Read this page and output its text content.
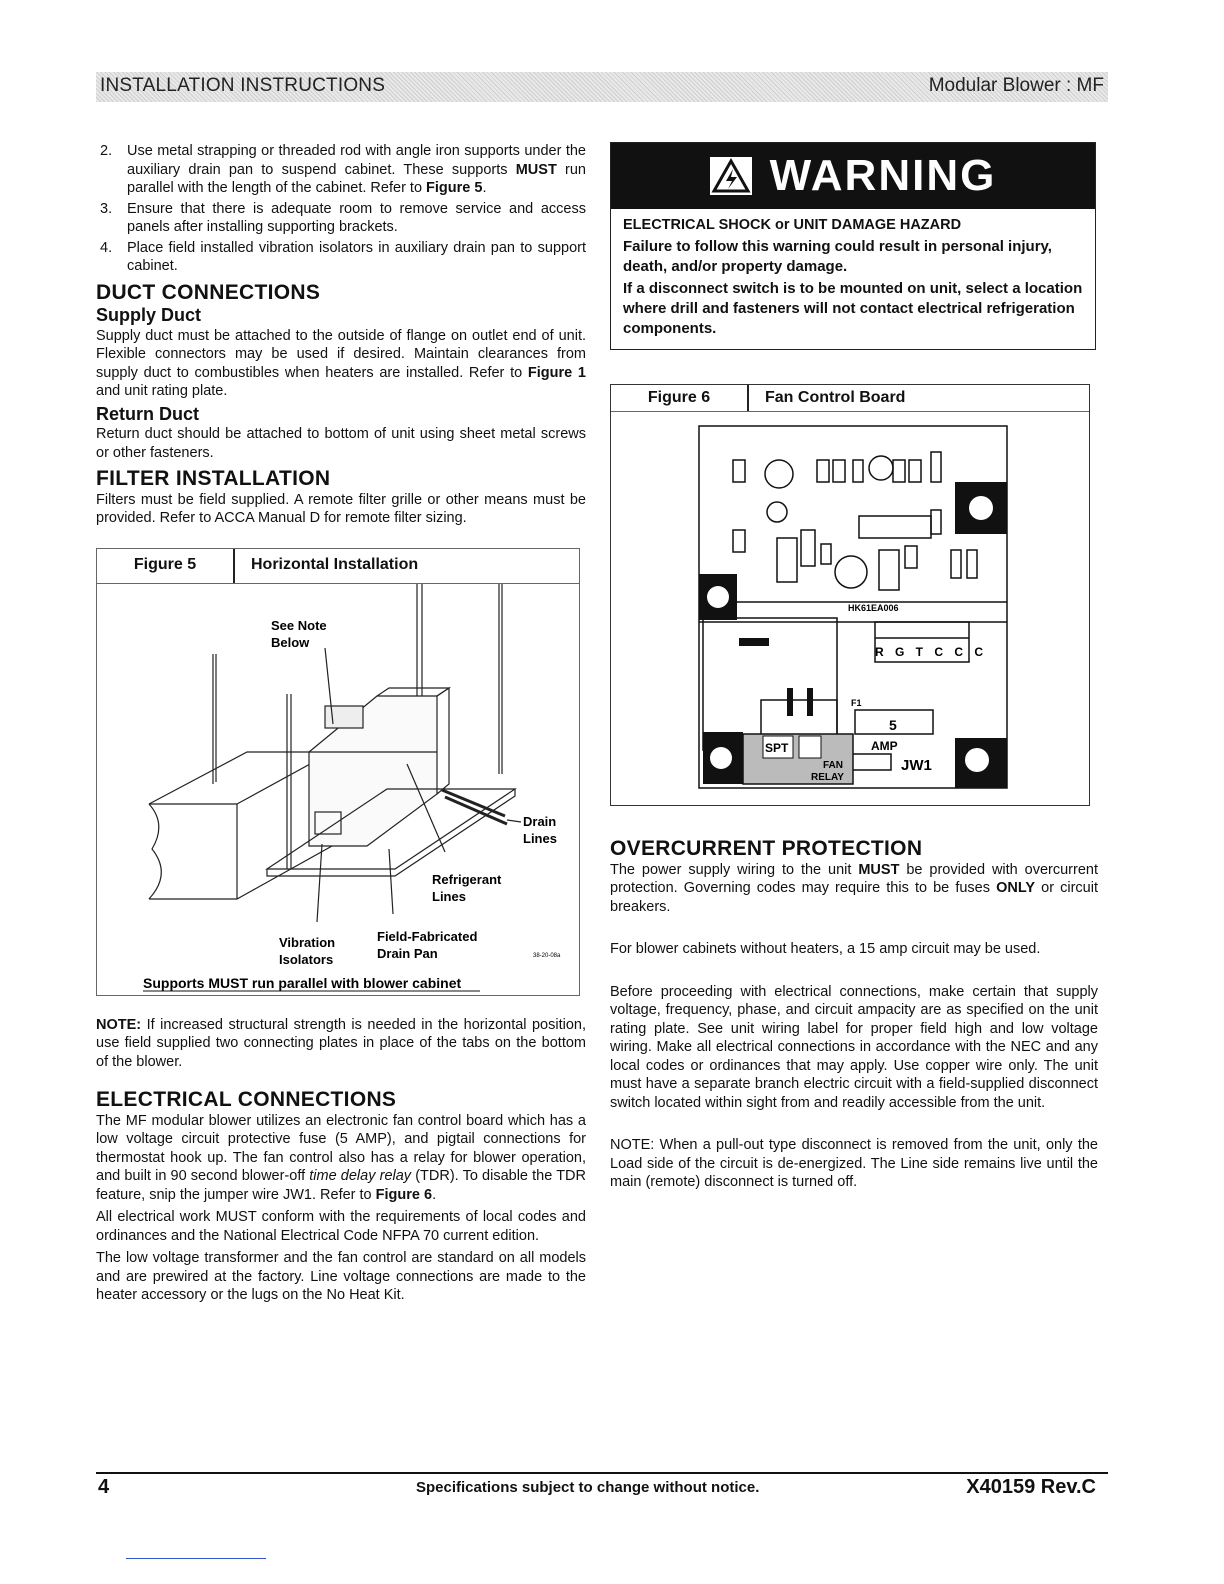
INSTALLATION INSTRUCTIONS	Modular Blower : MF
2. Use metal strapping or threaded rod with angle iron supports under the auxiliary drain pan to suspend cabinet. These supports MUST run parallel with the length of the cabinet. Refer to Figure 5.
3. Ensure that there is adequate room to remove service and access panels after installing supporting brackets.
4. Place field installed vibration isolators in auxiliary drain pan to support cabinet.
DUCT CONNECTIONS
Supply Duct

Supply duct must be attached to the outside of flange on outlet end of unit. Flexible connectors may be used if desired. Maintain clearances from supply duct to combustibles when heaters are installed. Refer to Figure 1 and unit rating plate.

Return Duct

Return duct should be attached to bottom of unit using sheet metal screws or other fasteners.

FILTER INSTALLATION

Filters must be field supplied. A remote filter grille or other means must be provided. Refer to ACCA Manual D for remote filter sizing.

Figure 5	Horizontal Installation
See Note
Below
Drain
Lines
Refrigerant
Lines
Field-Fabricated
Drain Pan
Vibration
Isolators	38-20-08a
Supports MUST run parallel with blower cabinet

NOTE: If increased structural strength is needed in the horizontal position, use field supplied two connecting plates in place of the tabs on the bottom of the blower.

ELECTRICAL CONNECTIONS

The MF modular blower utilizes an electronic fan control board which has a low voltage circuit protective fuse (5 AMP), and pigtail connections for thermostat hook up. The fan control also has a relay for blower operation, and built in 90 second blower-off time delay relay (TDR). To disable the TDR feature, snip the jumper wire JW1. Refer to Figure 6.

All electrical work MUST conform with the requirements of local codes and ordinances and the National Electrical Code NFPA 70 current edition.

The low voltage transformer and the fan control are standard on all models and are prewired at the factory. Line voltage connections are made to the heater accessory or the lugs on the No Heat Kit.

WARNING

ELECTRICAL SHOCK or UNIT DAMAGE HAZARD

Failure to follow this warning could result in personal injury, death, and/or property damage.

If a disconnect switch is to be mounted on unit, select a location where drill and fasteners will not contact electrical refrigeration components.

Figure 6	Fan Control Board
HK61EA006
R G T C C C
F1
5
AMP
SPT
FAN
RELAY
JW1
OVERCURRENT PROTECTION

The power supply wiring to the unit MUST be provided with overcurrent protection. Governing codes may require this to be fuses ONLY or circuit breakers.

For blower cabinets without heaters, a 15 amp circuit may be used.

Before proceeding with electrical connections, make certain that supply voltage, frequency, phase, and circuit ampacity are as specified on the unit rating plate. See unit wiring label for proper field high and low voltage wiring. Make all electrical connections in accordance with the NEC and any local codes or ordinances that may apply. Use copper wire only. The unit must have a separate branch electric circuit with a field-supplied disconnect switch located within sight from and readily accessible from the unit.

NOTE: When a pull-out type disconnect is removed from the unit, only the Load side of the circuit is de-energized. The Line side remains live until the main (remote) disconnect is turned off.

4	Specifications subject to change without notice.	X40159 Rev.C
